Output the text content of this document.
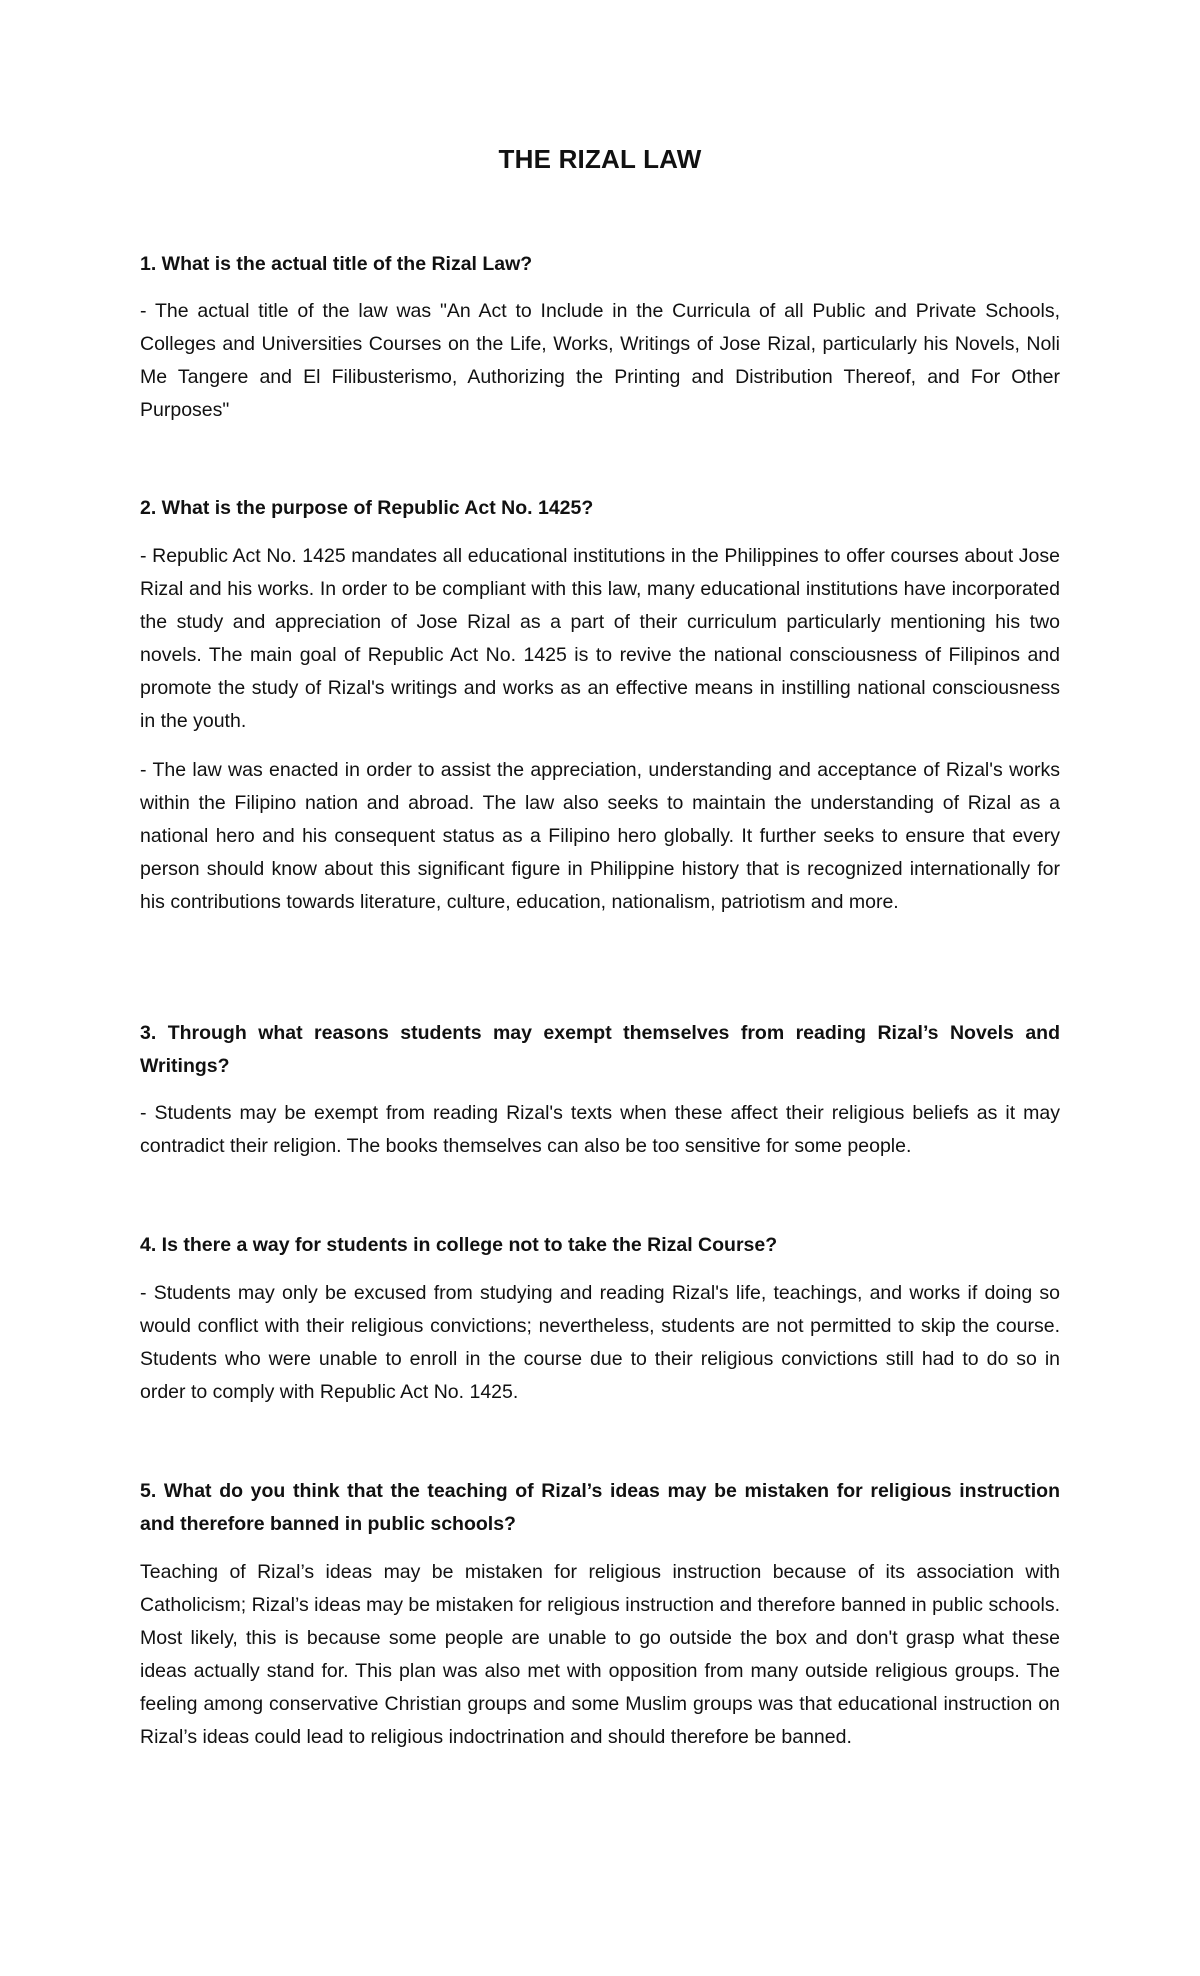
THE RIZAL LAW

1. What is the actual title of the Rizal Law?

- The actual title of the law was "An Act to Include in the Curricula of all Public and Private Schools, Colleges and Universities Courses on the Life, Works, Writings of Jose Rizal, particularly his Novels, Noli Me Tangere and El Filibusterismo, Authorizing the Printing and Distribution Thereof, and For Other Purposes"

2. What is the purpose of Republic Act No. 1425?

- Republic Act No. 1425 mandates all educational institutions in the Philippines to offer courses about Jose Rizal and his works. In order to be compliant with this law, many educational institutions have incorporated the study and appreciation of Jose Rizal as a part of their curriculum particularly mentioning his two novels. The main goal of Republic Act No. 1425 is to revive the national consciousness of Filipinos and promote the study of Rizal's writings and works as an effective means in instilling national consciousness in the youth.

- The law was enacted in order to assist the appreciation, understanding and acceptance of Rizal's works within the Filipino nation and abroad. The law also seeks to maintain the understanding of Rizal as a national hero and his consequent status as a Filipino hero globally. It further seeks to ensure that every person should know about this significant figure in Philippine history that is recognized internationally for his contributions towards literature, culture, education, nationalism, patriotism and more.

3. Through what reasons students may exempt themselves from reading Rizal’s Novels and Writings?

- Students may be exempt from reading Rizal's texts when these affect their religious beliefs as it may contradict their religion. The books themselves can also be too sensitive for some people.

4. Is there a way for students in college not to take the Rizal Course?

- Students may only be excused from studying and reading Rizal's life, teachings, and works if doing so would conflict with their religious convictions; nevertheless, students are not permitted to skip the course. Students who were unable to enroll in the course due to their religious convictions still had to do so in order to comply with Republic Act No. 1425.

5. What do you think that the teaching of Rizal’s ideas may be mistaken for religious instruction and therefore banned in public schools?

Teaching of Rizal’s ideas may be mistaken for religious instruction because of its association with Catholicism; Rizal’s ideas may be mistaken for religious instruction and therefore banned in public schools. Most likely, this is because some people are unable to go outside the box and don't grasp what these ideas actually stand for. This plan was also met with opposition from many outside religious groups. The feeling among conservative Christian groups and some Muslim groups was that educational instruction on Rizal’s ideas could lead to religious indoctrination and should therefore be banned.
